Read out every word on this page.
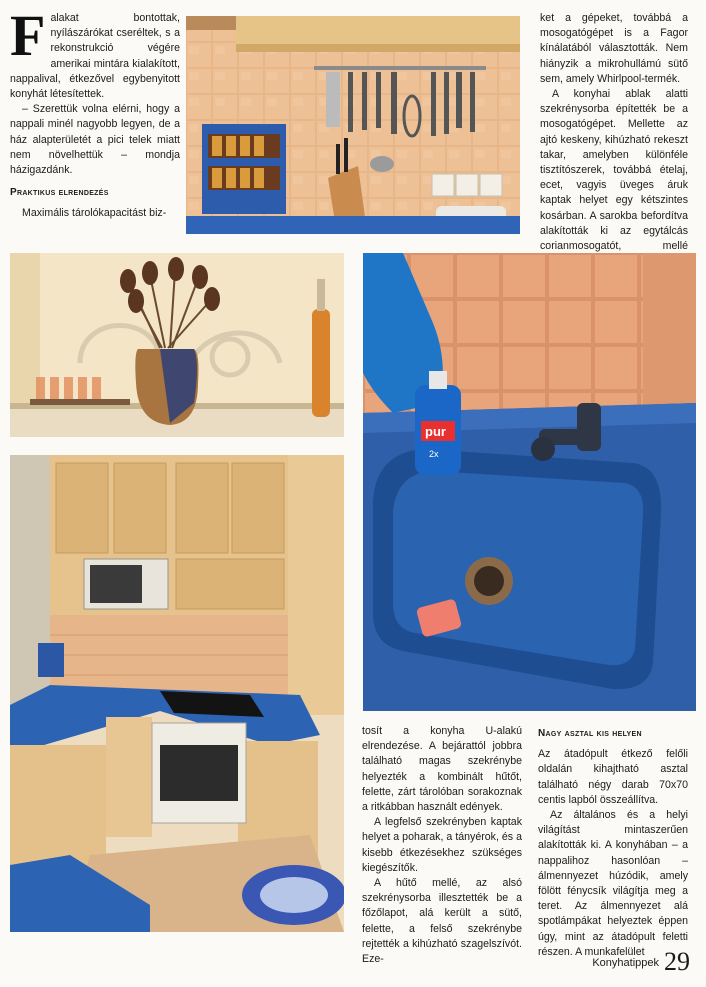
Falakat bontottak, nyílászárókat cseréltek, s a rekonstrukció végére amerikai mintára kialakított, nappalival, étkezővel egybenyitott konyhát létesítettek.

– Szerettük volna elérni, hogy a nappali minél nagyobb legyen, de a ház alapterületét a pici telek miatt nem növelhettük – mondja házigazdánk.

Praktikus elrendezés

Maximális tárolókapacitást biz-

ket a gépeket, továbbá a mosogatógépet is a Fagor kínálatából választották. Nem hiányzik a mikrohullámú sütő sem, amely Whirlpool-termék.

A konyhai ablak alatti szekrénysorba építették be a mosogatógépet. Mellette az ajtó keskeny, kihúzható rekeszt takar, amelyben különféle tisztítószerek, továbbá ételaj, ecet, vagyis üveges áruk kaptak helyet egy kétszintes kosárban. A sarokba befordítva alakították ki az egytálcás corianmosogatót, mellé

tosít a konyha U-alakú elrendezése. A bejárattól jobbra található magas szekrénybe helyezték a kombinált hűtőt, felette, zárt tárolóban sorakoznak a ritkábban használt edények.

A legfelső szekrényben kaptak helyet a poharak, a tányérok, és a kisebb étkezésekhez szükséges kiegészítők.

A hűtő mellé, az alsó szekrénysorba illesztették be a főzőlapot, alá került a sütő, felette, a felső szekrénybe rejtették a kihúzható szagelszívót. Eze-

Nagy asztal kis helyen

Az átadópult étkező felőli oldalán kihajtható asztal található négy darab 70x70 centis lapból összeállítva.

Az általános és a helyi világítást mintaszerűen alakították ki. A konyhában – a nappalihoz hasonlóan – álmennyezet húzódik, amely fölött fénycsík világítja meg a teret. Az álmennyezet alá spotlámpákat helyeztek éppen úgy, mint az átadópult feletti részen. A munkafelület

Konyhatippek 29
pur
2x
